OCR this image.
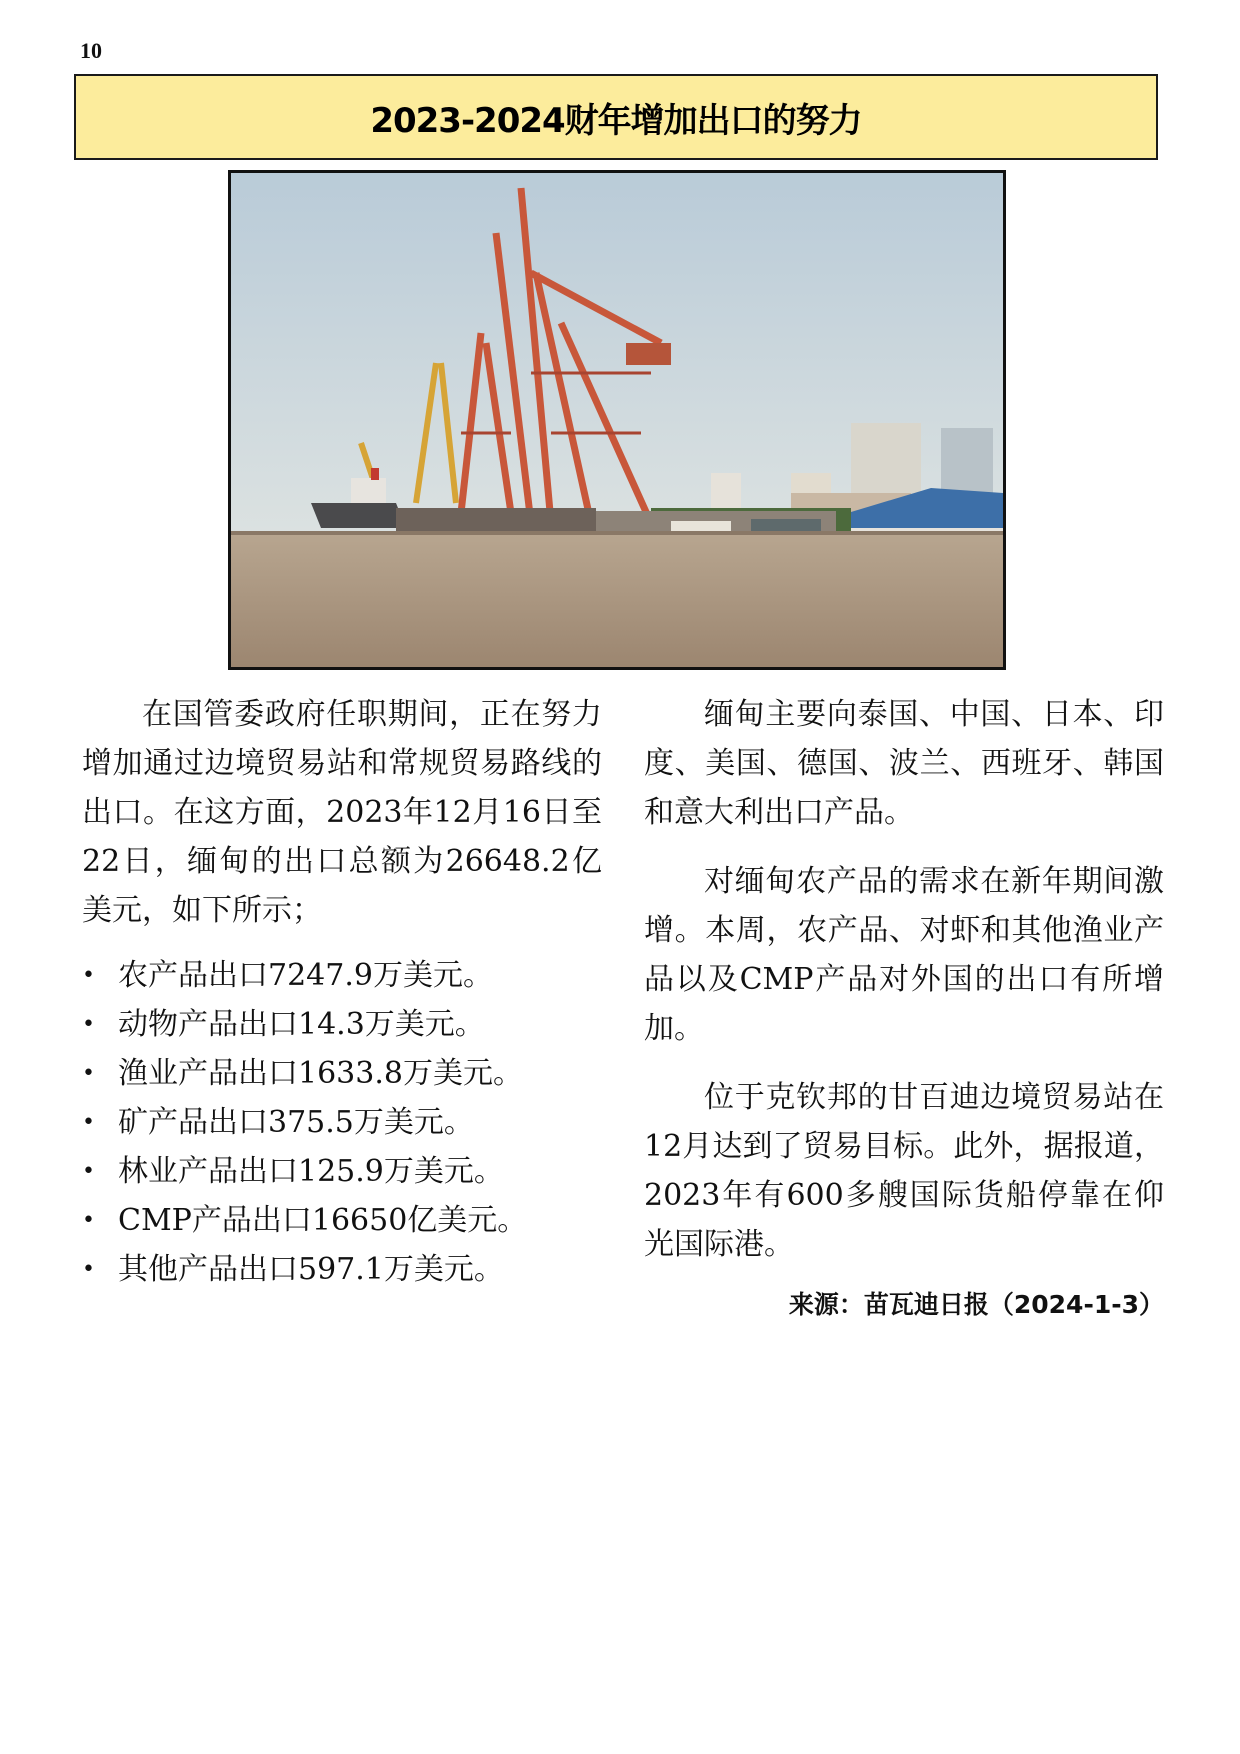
10
2023-2024财年增加出口的努力

在国管委政府任职期间，正在努力增加通过边境贸易站和常规贸易路线的出口。在这方面，2023年12月16日至22日，缅甸的出口总额为26648.2亿美元，如下所示；

• 农产品出口7247.9万美元。
• 动物产品出口14.3万美元。
• 渔业产品出口1633.8万美元。
• 矿产品出口375.5万美元。
• 林业产品出口125.9万美元。
• CMP产品出口16650亿美元。
• 其他产品出口597.1万美元。

缅甸主要向泰国、中国、日本、印度、美国、德国、波兰、西班牙、韩国和意大利出口产品。

对缅甸农产品的需求在新年期间激增。本周，农产品、对虾和其他渔业产品以及CMP产品对外国的出口有所增加。

位于克钦邦的甘百迪边境贸易站在12月达到了贸易目标。此外，据报道，2023年有600多艘国际货船停靠在仰光国际港。

来源：苗瓦迪日报（2024-1-3）
